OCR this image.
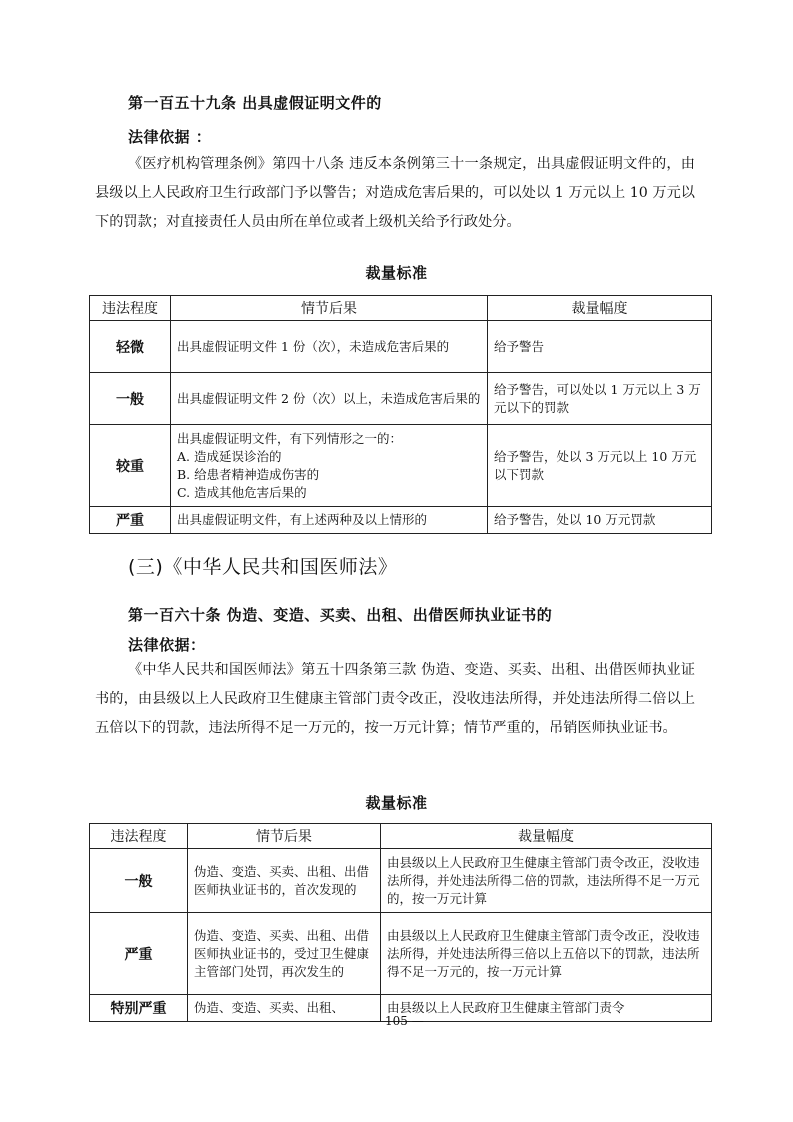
第一百五十九条 出具虚假证明文件的
法律依据 ：

《医疗机构管理条例》第四十八条 违反本条例第三十一条规定，出具虚假证明文件的，由县级以上人民政府卫生行政部门予以警告；对造成危害后果的，可以处以 1 万元以上 10 万元以下的罚款；对直接责任人员由所在单位或者上级机关给予行政处分。

裁量标准
违法程度	情节后果	裁量幅度
轻微	出具虚假证明文件 1 份（次），未造成危害后果的	给予警告
一般	出具虚假证明文件 2 份（次）以上，未造成危害后果的	给予警告，可以处以 1 万元以上 3 万元以下的罚款
较重	出具虚假证明文件，有下列情形之一的：
A. 造成延误诊治的
B. 给患者精神造成伤害的
C. 造成其他危害后果的	给予警告，处以 3 万元以上 10 万元以下罚款
严重	出具虚假证明文件，有上述两种及以上情形的	给予警告，处以 10 万元罚款
(三)《中华人民共和国医师法》
第一百六十条 伪造、变造、买卖、出租、出借医师执业证书的
法律依据：

《中华人民共和国医师法》第五十四条第三款 伪造、变造、买卖、出租、出借医师执业证书的，由县级以上人民政府卫生健康主管部门责令改正，没收违法所得，并处违法所得二倍以上五倍以下的罚款，违法所得不足一万元的，按一万元计算；情节严重的，吊销医师执业证书。

裁量标准
违法程度	情节后果	裁量幅度
一般	伪造、变造、买卖、出租、出借医师执业证书的，首次发现的	由县级以上人民政府卫生健康主管部门责令改正，没收违法所得，并处违法所得二倍的罚款，违法所得不足一万元的，按一万元计算
严重	伪造、变造、买卖、出租、出借医师执业证书的，受过卫生健康主管部门处罚，再次发生的	由县级以上人民政府卫生健康主管部门责令改正，没收违法所得，并处违法所得三倍以上五倍以下的罚款，违法所得不足一万元的，按一万元计算
特别严重	伪造、变造、买卖、出租、	由县级以上人民政府卫生健康主管部门责令
— 105 —
